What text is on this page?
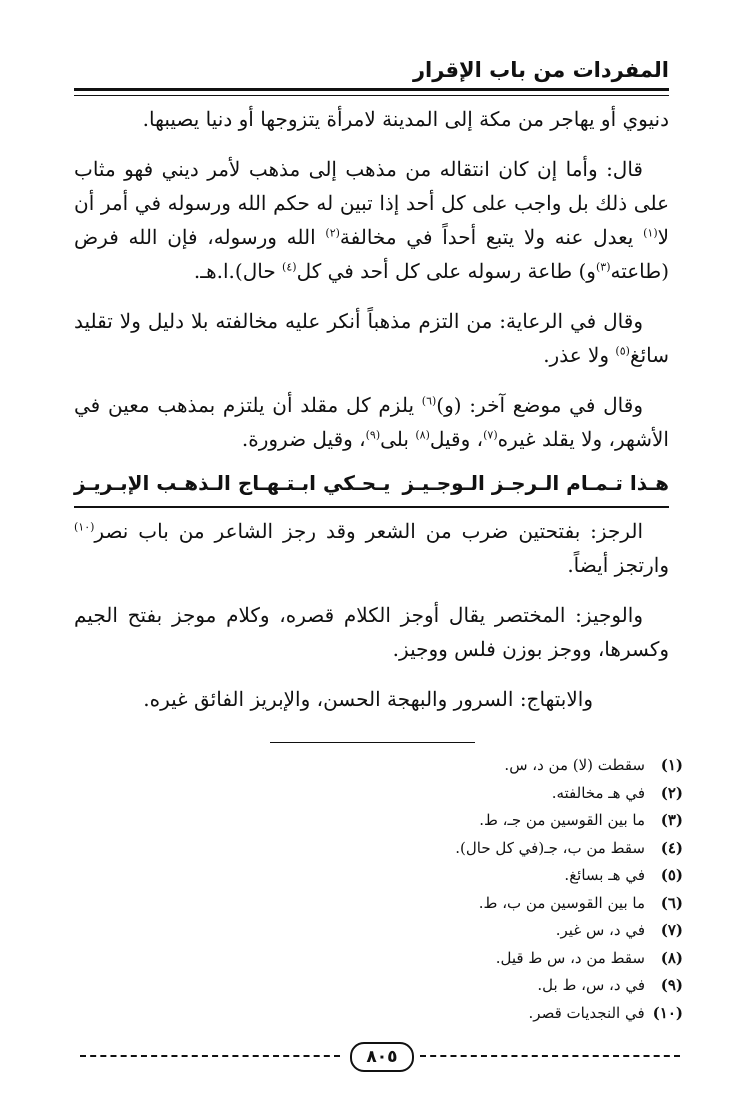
المفردات من باب الإقرار

دنيوي أو يهاجر من مكة إلى المدينة لامرأة يتزوجها أو دنيا يصيبها.

قال: وأما إن كان انتقاله من مذهب إلى مذهب لأمر ديني فهو مثاب على ذلك بل واجب على كل أحد إذا تبين له حكم الله ورسوله في أمر أن لا$^{(١)}$ يعدل عنه ولا يتبع أحداً في مخالفة$^{(٢)}$ الله ورسوله، فإن الله فرض (طاعته$^{(٣)}$و) طاعة رسوله على كل أحد في كل$^{(٤)}$ حال).ا.هـ.

وقال في الرعاية: من التزم مذهباً أنكر عليه مخالفته بلا دليل ولا تقليد سائغ$^{(٥)}$ ولا عذر.

وقال في موضع آخر: (و)$^{(٦)}$ يلزم كل مقلد أن يلتزم بمذهب معين في الأشهر، ولا يقلد غيره$^{(٧)}$، وقيل$^{(٨)}$ بلى$^{(٩)}$، وقيل ضرورة.

هـذا تـمـام الـرجـز الـوجـيـز
يـحـكي ابـتـهـاج الـذهـب الإبـريـز

الرجز: بفتحتين ضرب من الشعر وقد رجز الشاعر من باب نصر$^{(١٠)}$ وارتجز أيضاً.

والوجيز: المختصر يقال أوجز الكلام قصره، وكلام موجز بفتح الجيم وكسرها، ووجز بوزن فلس ووجيز.

والابتهاج: السرور والبهجة الحسن، والإبريز الفائق غيره.

(١)
سقطت (لا) من د، س.
(٢)
في هـ مخالفته.
(٣)
ما بين القوسين من جـ، ط.
(٤)
سقط من ب، جـ(في كل حال).
(٥)
في هـ بسائغ.
(٦)
ما بين القوسين من ب، ط.
(٧)
في د، س غير.
(٨)
سقط من د، س ط قيل.
(٩)
في د، س، ط بل.
(١٠)
في النجديات قصر.
٨٠٥
